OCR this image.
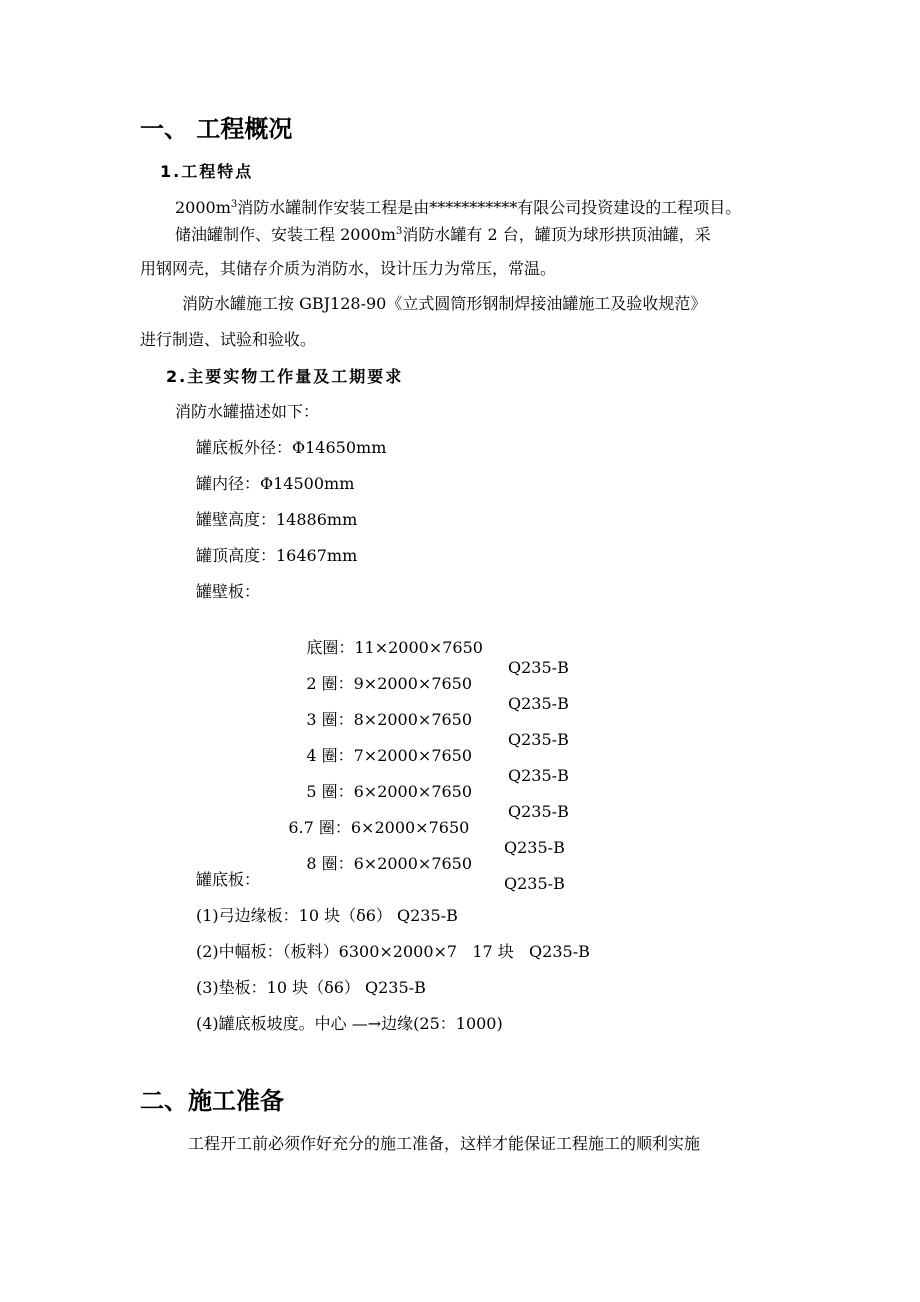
一、 工程概况
1.工程特点
$2000m^3$消防水罐制作安装工程是由***********有限公司投资建设的工程项目。
储油罐制作、安装工程 $2000m^3$消防水罐有 2 台，罐顶为球形拱顶油罐，采
用钢网壳，其储存介质为消防水，设计压力为常压，常温。
消防水罐施工按 GBJ128-90《立式圆筒形钢制焊接油罐施工及验收规范》
进行制造、试验和验收。
2.主要实物工作量及工期要求
消防水罐描述如下：
罐底板外径：Φ14650mm
罐内径：Φ14500mm
罐壁高度：14886mm
罐顶高度：16467mm
罐壁板：

底圈：11×2000×7650

Q235-B

2 圈：9×2000×7650

Q235-B

3 圈：8×2000×7650

Q235-B

4 圈：7×2000×7650

Q235-B

5 圈：6×2000×7650

Q235-B

6.7 圈：6×2000×7650

Q235-B

8 圈：6×2000×7650

Q235-B

罐底板：
(1)弓边缘板：10 块（δ6） Q235-B
(2)中幅板：（板料）6300×2000×7   17 块   Q235-B
(3)垫板：10 块（δ6） Q235-B
(4)罐底板坡度。中心 —→边缘(25：1000)
二、施工准备
工程开工前必须作好充分的施工准备，这样才能保证工程施工的顺利实施
